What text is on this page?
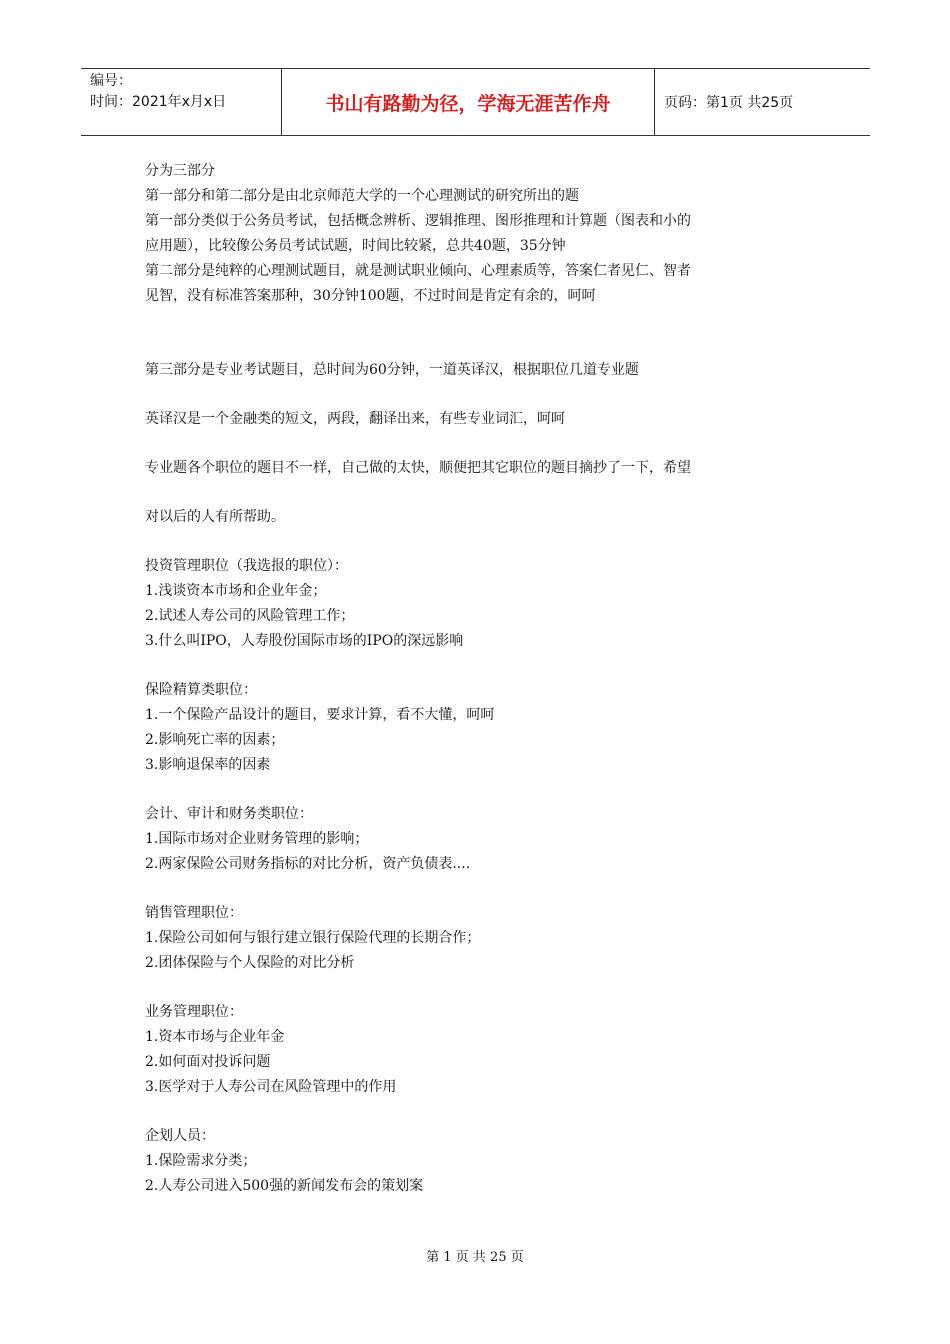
编号：
时间：2021年x月x日	书山有路勤为径，学海无涯苦作舟	页码：第1页 共25页
分为三部分
第一部分和第二部分是由北京师范大学的一个心理测试的研究所出的题
第一部分类似于公务员考试，包括概念辨析、逻辑推理、图形推理和计算题（图表和小的
应用题），比较像公务员考试试题，时间比较紧，总共40题，35分钟
第二部分是纯粹的心理测试题目，就是测试职业倾向、心理素质等，答案仁者见仁、智者
见智，没有标准答案那种，30分钟100题，不过时间是肯定有余的，呵呵
第三部分是专业考试题目，总时间为60分钟，一道英译汉，根据职位几道专业题
英译汉是一个金融类的短文，两段，翻译出来，有些专业词汇，呵呵
专业题各个职位的题目不一样，自己做的太快，顺便把其它职位的题目摘抄了一下，希望
对以后的人有所帮助。
投资管理职位（我选报的职位）：
1.浅谈资本市场和企业年金；
2.试述人寿公司的风险管理工作；
3.什么叫IPO，人寿股份国际市场的IPO的深远影响
保险精算类职位：
1.一个保险产品设计的题目，要求计算，看不大懂，呵呵
2.影响死亡率的因素；
3.影响退保率的因素
会计、审计和财务类职位：
1.国际市场对企业财务管理的影响；
2.两家保险公司财务指标的对比分析，资产负债表....
销售管理职位：
1.保险公司如何与银行建立银行保险代理的长期合作；
2.团体保险与个人保险的对比分析
业务管理职位：
1.资本市场与企业年金
2.如何面对投诉问题
3.医学对于人寿公司在风险管理中的作用
企划人员：
1.保险需求分类；
2.人寿公司进入500强的新闻发布会的策划案
第 1 页 共 25 页
